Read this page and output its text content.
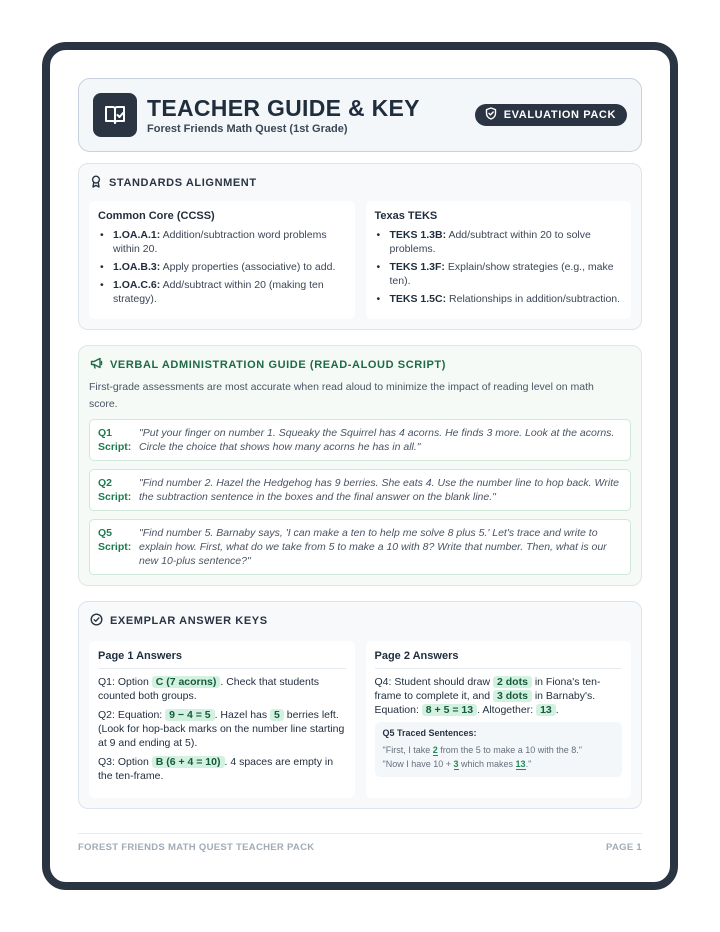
TEACHER GUIDE & KEY
Forest Friends Math Quest (1st Grade)
EVALUATION PACK
STANDARDS ALIGNMENT
Common Core (CCSS)
• 1.OA.A.1: Addition/subtraction word problems within 20.
• 1.OA.B.3: Apply properties (associative) to add.
• 1.OA.C.6: Add/subtract within 20 (making ten strategy).
Texas TEKS
• TEKS 1.3B: Add/subtract within 20 to solve problems.
• TEKS 1.3F: Explain/show strategies (e.g., make ten).
• TEKS 1.5C: Relationships in addition/subtraction.
VERBAL ADMINISTRATION GUIDE (READ-ALOUD SCRIPT)
First-grade assessments are most accurate when read aloud to minimize the impact of reading level on math score.
Q1
Script:
"Put your finger on number 1. Squeaky the Squirrel has 4 acorns. He finds 3 more. Look at the acorns. Circle the choice that shows how many acorns he has in all."
Q2
Script:
"Find number 2. Hazel the Hedgehog has 9 berries. She eats 4. Use the number line to hop back. Write the subtraction sentence in the boxes and the final answer on the blank line."
Q5
Script:
"Find number 5. Barnaby says, 'I can make a ten to help me solve 8 plus 5.' Let's trace and write to explain how. First, what do we take from 5 to make a 10 with 8? Write that number. Then, what is our new 10-plus sentence?"
EXEMPLAR ANSWER KEYS
Page 1 Answers
Q1: Option C (7 acorns) . Check that students counted both groups.
Q2: Equation: 9 − 4 = 5 . Hazel has 5 berries left. (Look for hop-back marks on the number line starting at 9 and ending at 5).
Q3: Option B (6 + 4 = 10) . 4 spaces are empty in the ten-frame.
Page 2 Answers
Q4: Student should draw 2 dots in Fiona's ten-frame to complete it, and 3 dots in Barnaby's. Equation: 8 + 5 = 13 . Altogether: 13 .
Q5 Traced Sentences:
"First, I take 2 from the 5 to make a 10 with the 8."
"Now I have 10 + 3 which makes 13."
FOREST FRIENDS MATH QUEST TEACHER PACK	PAGE 1
